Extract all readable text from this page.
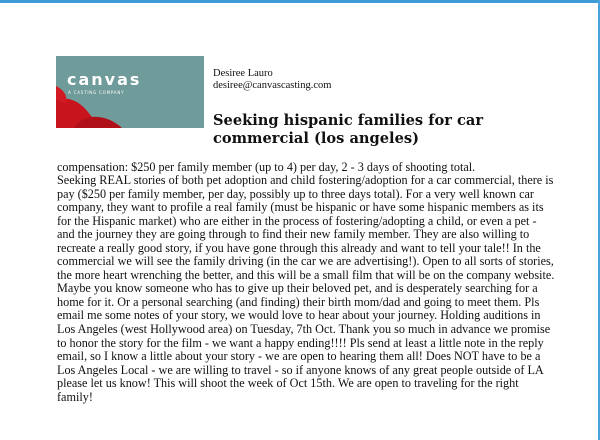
canvas
A CASTING COMPANY
Desiree Lauro
desiree@canvascasting.com
Seeking hispanic families for car commercial (los angeles)
compensation: $250 per family member (up to 4) per day, 2 - 3 days of shooting total.
Seeking REAL stories of both pet adoption and child fostering/adoption for a car commercial, there is pay ($250 per family member, per day, possibly up to three days total). For a very well known car company, they want to profile a real family (must be hispanic or have some hispanic members as its for the Hispanic market) who are either in the process of fostering/adopting a child, or even a pet - and the journey they are going through to find their new family member. They are also willing to recreate a really good story, if you have gone through this already and want to tell your tale!! In the commercial we will see the family driving (in the car we are advertising!). Open to all sorts of stories, the more heart wrenching the better, and this will be a small film that will be on the company website. Maybe you know someone who has to give up their beloved pet, and is desperately searching for a home for it. Or a personal searching (and finding) their birth mom/dad and going to meet them. Pls email me some notes of your story, we would love to hear about your journey. Holding auditions in Los Angeles (west Hollywood area) on Tuesday, 7th Oct. Thank you so much in advance we promise to honor the story for the film - we want a happy ending!!!! Pls send at least a little note in the reply email, so I know a little about your story - we are open to hearing them all! Does NOT have to be a Los Angeles Local - we are willing to travel - so if anyone knows of any great people outside of LA please let us know! This will shoot the week of Oct 15th. We are open to traveling for the right family!
